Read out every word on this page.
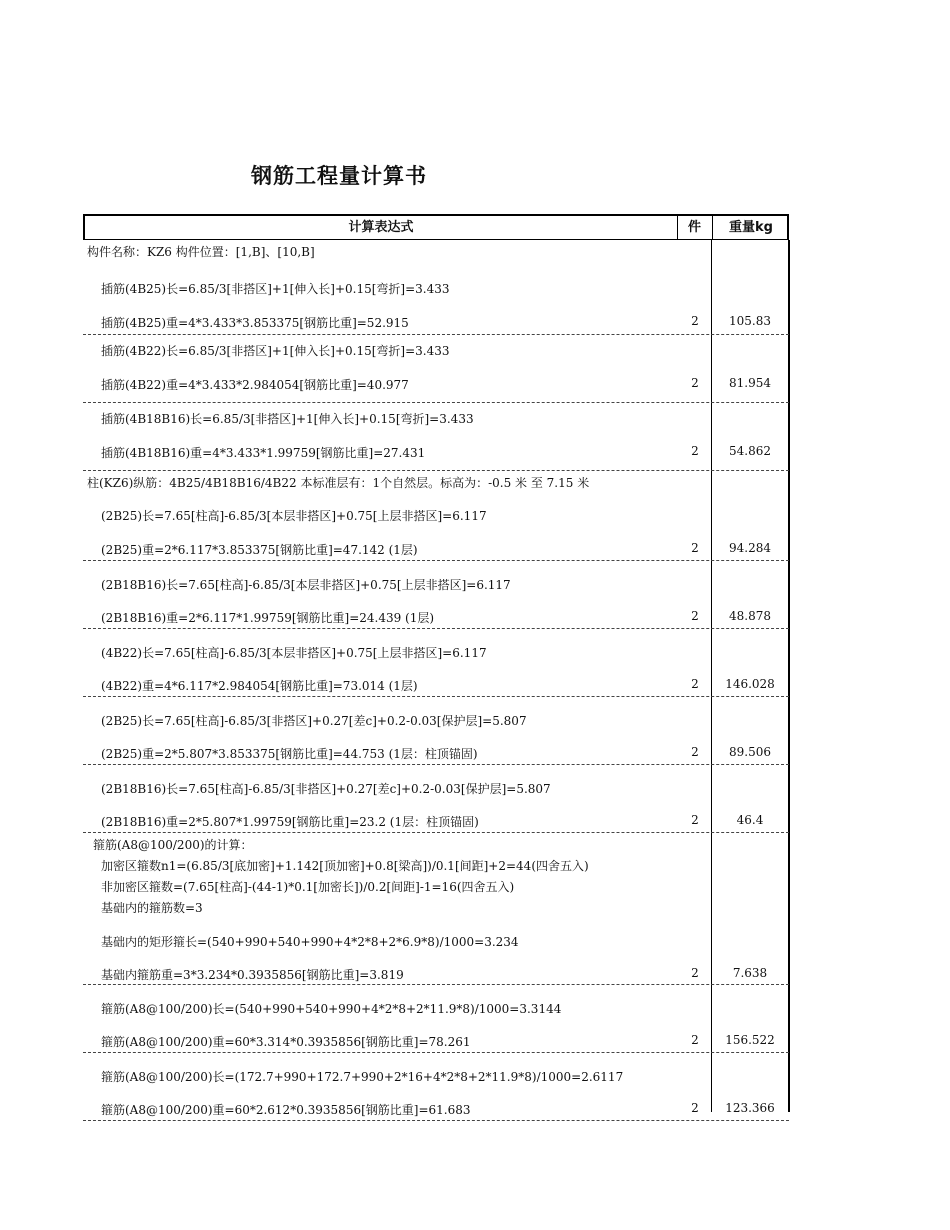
钢筋工程量计算书
计算表达式	件	重量kg
构件名称：KZ6 构件位置：[1,B]、[10,B]
插筋(4B25)长=6.85/3[非搭区]+1[伸入长]+0.15[弯折]=3.433
插筋(4B25)重=4*3.433*3.853375[钢筋比重]=52.915	2	105.83
插筋(4B22)长=6.85/3[非搭区]+1[伸入长]+0.15[弯折]=3.433
插筋(4B22)重=4*3.433*2.984054[钢筋比重]=40.977	2	81.954
插筋(4B18B16)长=6.85/3[非搭区]+1[伸入长]+0.15[弯折]=3.433
插筋(4B18B16)重=4*3.433*1.99759[钢筋比重]=27.431	2	54.862
柱(KZ6)纵筋：4B25/4B18B16/4B22 本标准层有：1个自然层。标高为：-0.5 米 至 7.15 米
(2B25)长=7.65[柱高]-6.85/3[本层非搭区]+0.75[上层非搭区]=6.117
(2B25)重=2*6.117*3.853375[钢筋比重]=47.142 (1层)	2	94.284
(2B18B16)长=7.65[柱高]-6.85/3[本层非搭区]+0.75[上层非搭区]=6.117
(2B18B16)重=2*6.117*1.99759[钢筋比重]=24.439 (1层)	2	48.878
(4B22)长=7.65[柱高]-6.85/3[本层非搭区]+0.75[上层非搭区]=6.117
(4B22)重=4*6.117*2.984054[钢筋比重]=73.014 (1层)	2	146.028
(2B25)长=7.65[柱高]-6.85/3[非搭区]+0.27[差c]+0.2-0.03[保护层]=5.807
(2B25)重=2*5.807*3.853375[钢筋比重]=44.753 (1层：柱顶锚固)	2	89.506
(2B18B16)长=7.65[柱高]-6.85/3[非搭区]+0.27[差c]+0.2-0.03[保护层]=5.807
(2B18B16)重=2*5.807*1.99759[钢筋比重]=23.2 (1层：柱顶锚固)	2	46.4
箍筋(A8@100/200)的计算：
加密区箍数n1=(6.85/3[底加密]+1.142[顶加密]+0.8[梁高])/0.1[间距]+2=44(四舍五入)
非加密区箍数=(7.65[柱高]-(44-1)*0.1[加密长])/0.2[间距]-1=16(四舍五入)
基础内的箍筋数=3
基础内的矩形箍长=(540+990+540+990+4*2*8+2*6.9*8)/1000=3.234
基础内箍筋重=3*3.234*0.3935856[钢筋比重]=3.819	2	7.638
箍筋(A8@100/200)长=(540+990+540+990+4*2*8+2*11.9*8)/1000=3.3144
箍筋(A8@100/200)重=60*3.314*0.3935856[钢筋比重]=78.261	2	156.522
箍筋(A8@100/200)长=(172.7+990+172.7+990+2*16+4*2*8+2*11.9*8)/1000=2.6117
箍筋(A8@100/200)重=60*2.612*0.3935856[钢筋比重]=61.683	2	123.366
